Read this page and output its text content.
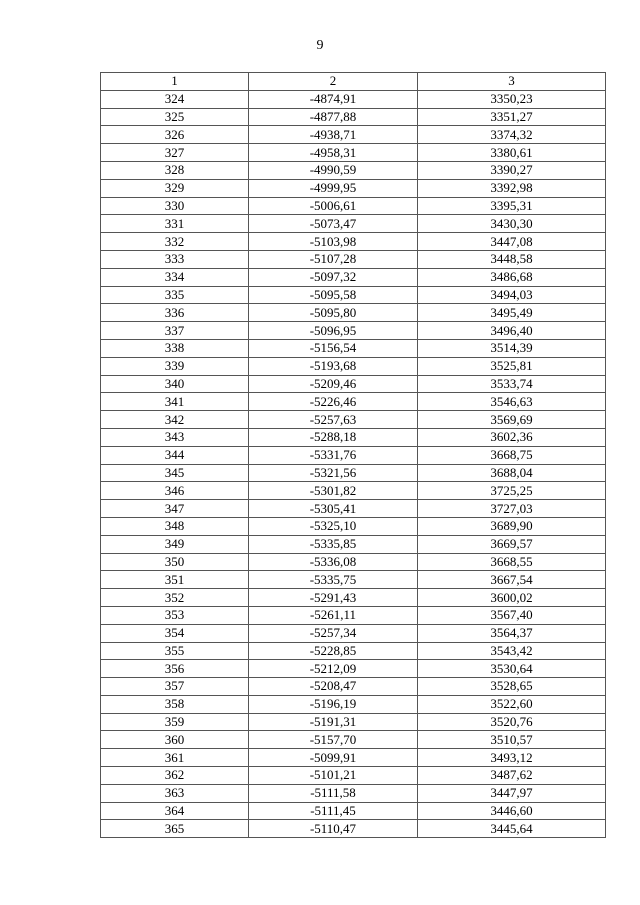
9
1	2	3
324	-4874,91	3350,23
325	-4877,88	3351,27
326	-4938,71	3374,32
327	-4958,31	3380,61
328	-4990,59	3390,27
329	-4999,95	3392,98
330	-5006,61	3395,31
331	-5073,47	3430,30
332	-5103,98	3447,08
333	-5107,28	3448,58
334	-5097,32	3486,68
335	-5095,58	3494,03
336	-5095,80	3495,49
337	-5096,95	3496,40
338	-5156,54	3514,39
339	-5193,68	3525,81
340	-5209,46	3533,74
341	-5226,46	3546,63
342	-5257,63	3569,69
343	-5288,18	3602,36
344	-5331,76	3668,75
345	-5321,56	3688,04
346	-5301,82	3725,25
347	-5305,41	3727,03
348	-5325,10	3689,90
349	-5335,85	3669,57
350	-5336,08	3668,55
351	-5335,75	3667,54
352	-5291,43	3600,02
353	-5261,11	3567,40
354	-5257,34	3564,37
355	-5228,85	3543,42
356	-5212,09	3530,64
357	-5208,47	3528,65
358	-5196,19	3522,60
359	-5191,31	3520,76
360	-5157,70	3510,57
361	-5099,91	3493,12
362	-5101,21	3487,62
363	-5111,58	3447,97
364	-5111,45	3446,60
365	-5110,47	3445,64
